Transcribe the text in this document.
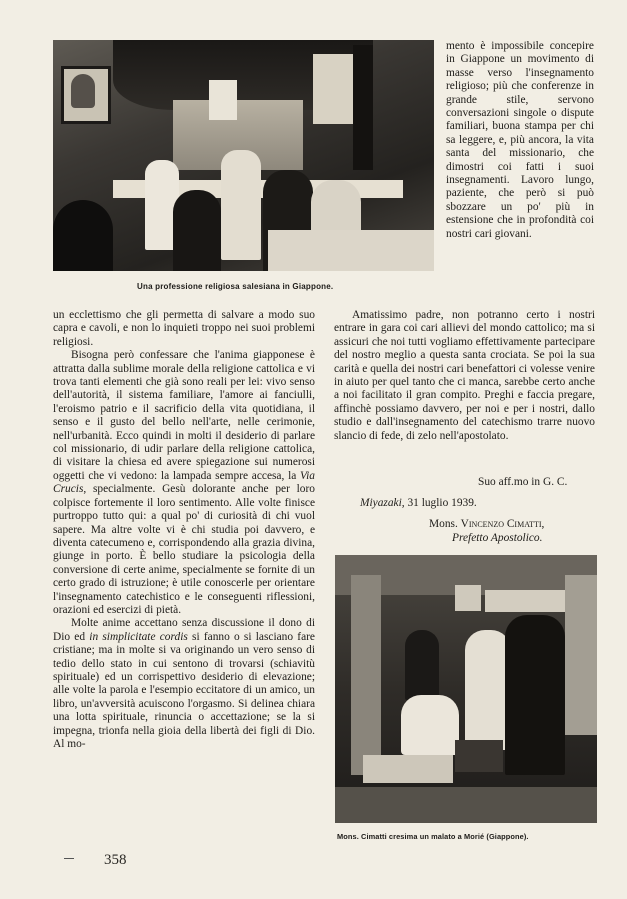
Una professione religiosa salesiana in Giappone.

mento è impossibile concepire in Giappone un movimento di masse verso l'insegnamento religioso; più che conferenze in grande stile, servono conversazioni singole o dispute familiari, buona stampa per chi sa leggere, e, più ancora, la vita santa del missionario, che dimostri coi fatti i suoi insegnamenti. Lavoro lungo, paziente, che però si può sbozzare un po' più in estensione che in profondità coi nostri cari giovani.

un ecclettismo che gli permetta di salvare a modo suo capra e cavoli, e non lo inquieti troppo nei suoi problemi religiosi.

Bisogna però confessare che l'anima giapponese è attratta dalla sublime morale della religione cattolica e vi trova tanti elementi che già sono reali per lei: vivo senso dell'autorità, il sistema familiare, l'amore ai fanciulli, l'eroismo patrio e il sacrificio della vita quotidiana, il senso e il gusto del bello nell'arte, nelle cerimonie, nell'urbanità. Ecco quindi in molti il desiderio di parlare col missionario, di udir parlare della religione cattolica, di visitare la chiesa ed avere spiegazione sui numerosi oggetti che vi vedono: la lampada sempre accesa, la Via Crucis, specialmente. Gesù dolorante anche per loro colpisce fortemente il loro sentimento. Alle volte finisce purtroppo tutto qui: a qual po' di curiosità di chi vuol sapere. Ma altre volte vi è chi studia poi davvero, e diventa catecumeno e, corrispondendo alla grazia divina, giunge in porto. È bello studiare la psicologia della conversione di certe anime, specialmente se fornite di un certo grado di istruzione; è utile conoscerle per orientare l'insegnamento catechistico e le conseguenti riflessioni, orazioni ed esercizi di pietà.

Molte anime accettano senza discussione il dono di Dio ed in simplicitate cordis si fanno o si lasciano fare cristiane; ma in molte si va originando un vero senso di tedio dello stato in cui sentono di trovarsi (schiavitù spirituale) ed un corrispettivo desiderio di elevazione; alle volte la parola e l'esempio eccitatore di un amico, un libro, un'avversità acuiscono l'orgasmo. Si delinea chiara una lotta spirituale, rinuncia o accettazione; se la si impegna, trionfa nella gioia della libertà dei figli di Dio. Al mo-

Amatissimo padre, non potranno certo i nostri entrare in gara coi cari allievi del mondo cattolico; ma si assicuri che noi tutti vogliamo effettivamente partecipare del nostro meglio a questa santa crociata. Se poi la sua carità e quella dei nostri cari benefattori ci volesse venire in aiuto per quel tanto che ci manca, sarebbe certo anche a noi facilitato il gran compito. Preghi e faccia pregare, affinchè possiamo davvero, per noi e per i nostri, dallo studio e dall'insegnamento del catechismo trarre nuovo slancio di fede, di zelo nell'apostolato.

Suo aff.mo in G. C.
Miyazaki, 31 luglio 1939.
Mons. Vincenzo Cimatti,
Prefetto Apostolico.
Mons. Cimatti cresima un malato a Morié (Giappone).
358
